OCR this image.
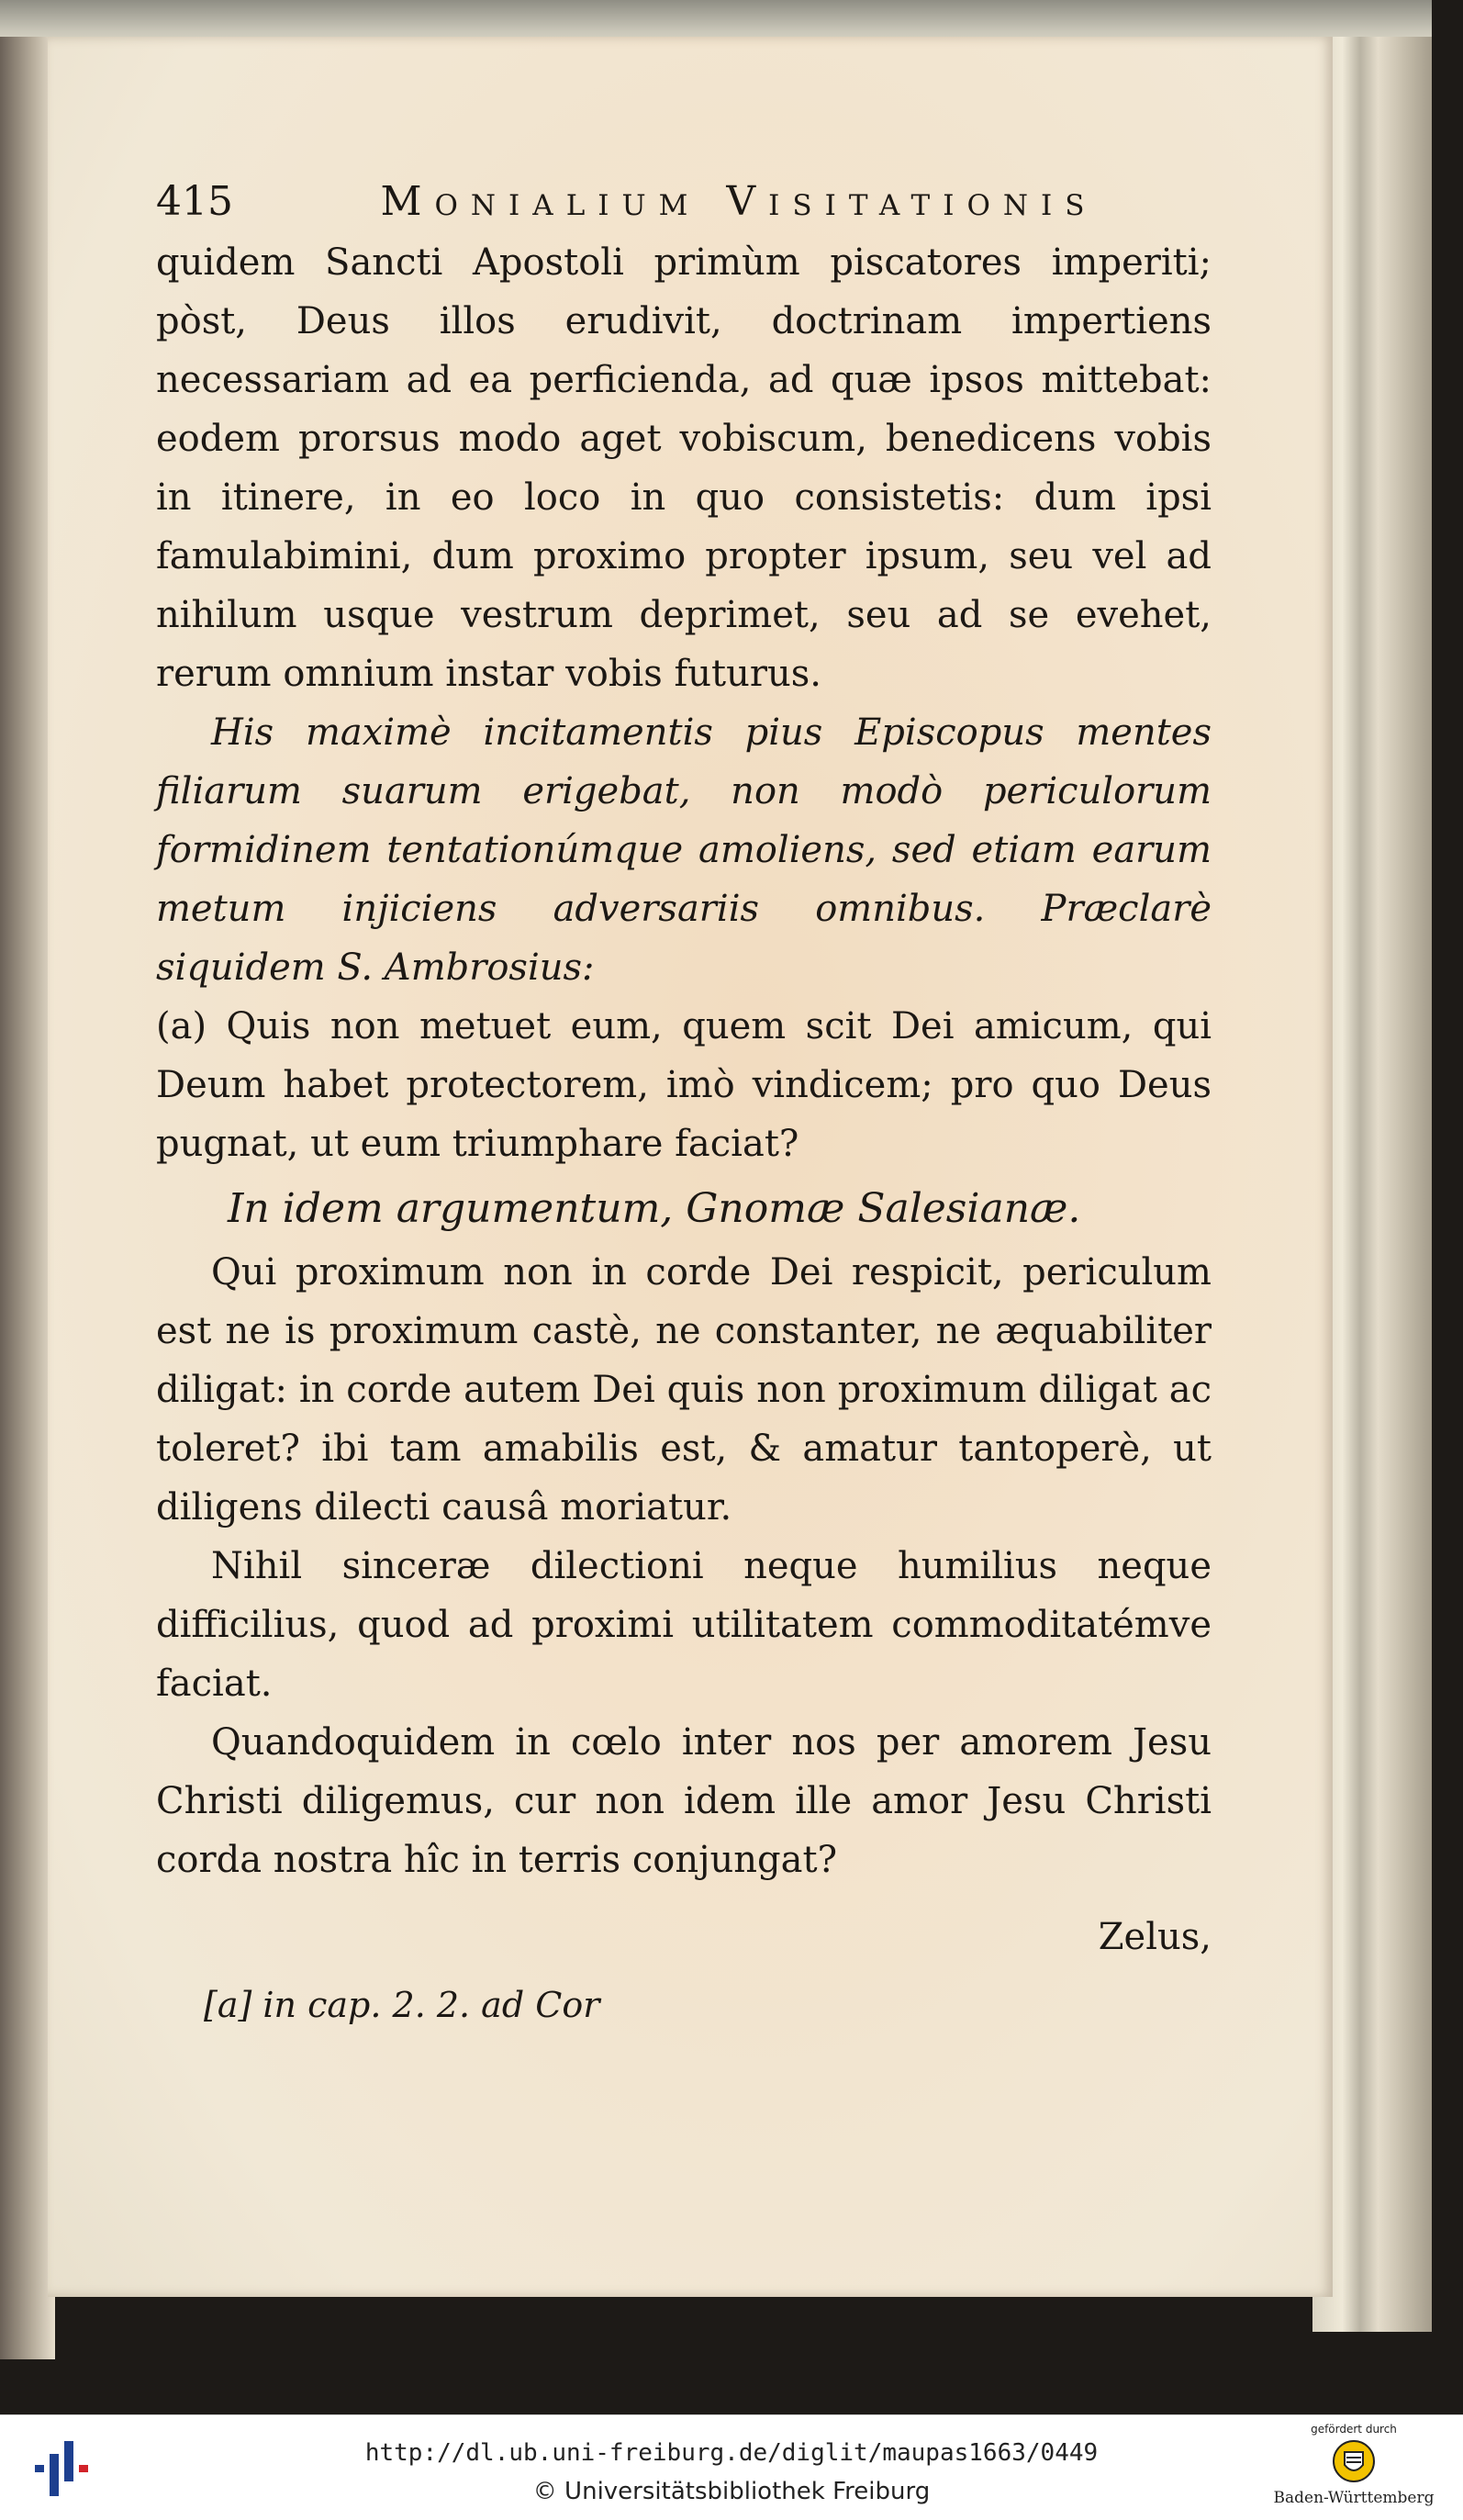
415	Monialium Visitationis

quidem Sancti Apostoli primùm piscatores imperiti; pòst, Deus illos erudivit, doctrinam impertiens necessariam ad ea perficienda, ad quæ ipsos mittebat: eodem prorsus modo aget vobiscum, benedicens vobis in itinere, in eo loco in quo consistetis: dum ipsi famulabimini, dum proximo propter ipsum, seu vel ad nihilum usque vestrum deprimet, seu ad se evehet, rerum omnium instar vobis futurus.

His maximè incitamentis pius Episcopus mentes filiarum suarum erigebat, non modò periculorum formidinem tentationúmque amoliens, sed etiam earum metum injiciens adversariis omnibus. Præclarè siquidem S. Ambrosius:

(a) Quis non metuet eum, quem scit Dei amicum, qui Deum habet protectorem, imò vindicem; pro quo Deus pugnat, ut eum triumphare faciat?

In idem argumentum, Gnomæ Salesianæ.

Qui proximum non in corde Dei respicit, periculum est ne is proximum castè, ne constanter, ne æquabiliter diligat: in corde autem Dei quis non proximum diligat ac toleret? ibi tam amabilis est, & amatur tantoperè, ut diligens dilecti causâ moriatur.

Nihil sinceræ dilectioni neque humilius neque difficilius, quod ad proximi utilitatem commoditatémve faciat.

Quandoquidem in cœlo inter nos per amorem Jesu Christi diligemus, cur non idem ille amor Jesu Christi corda nostra hîc in terris conjungat?

Zelus,
[a] in cap. 2. 2. ad Cor
http://dl.ub.uni-freiburg.de/diglit/maupas1663/0449
© Universitätsbibliothek Freiburg
gefördert durch
Baden-Württemberg
